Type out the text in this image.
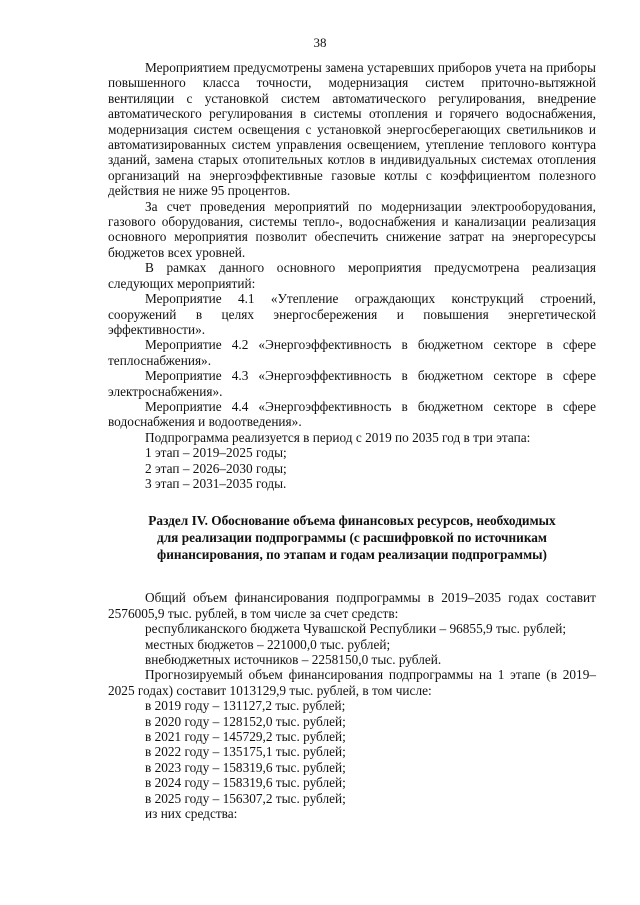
38

Мероприятием предусмотрены замена устаревших приборов учета на приборы повышенного класса точности, модернизация систем приточно-вытяжной вентиляции с установкой систем автоматического регулирования, внедрение автоматического регулирования в системы отопления и горячего водоснабжения, модернизация систем освещения с установкой энергосберегающих светильников и автоматизированных систем управления освещением, утепление теплового контура зданий, замена старых отопительных котлов в индивидуальных системах отопления организаций на энергоэффективные газовые котлы с коэффициентом полезного действия не ниже 95 процентов.

За счет проведения мероприятий по модернизации электрооборудования, газового оборудования, системы тепло-, водоснабжения и канализации реализация основного мероприятия позволит обеспечить снижение затрат на энергоресурсы бюджетов всех уровней.

В рамках данного основного мероприятия предусмотрена реализация следующих мероприятий:

Мероприятие 4.1 «Утепление ограждающих конструкций строений, сооружений в целях энергосбережения и повышения энергетической эффективности».

Мероприятие 4.2 «Энергоэффективность в бюджетном секторе в сфере теплоснабжения».

Мероприятие 4.3 «Энергоэффективность в бюджетном секторе в сфере электроснабжения».

Мероприятие 4.4 «Энергоэффективность в бюджетном секторе в сфере водоснабжения и водоотведения».

Подпрограмма реализуется в период с 2019 по 2035 год в три этапа:

1 этап – 2019–2025 годы;

2 этап – 2026–2030 годы;

3 этап – 2031–2035 годы.

Раздел IV. Обоснование объема финансовых ресурсов, необходимых
для реализации подпрограммы (с расшифровкой по источникам
финансирования, по этапам и годам реализации подпрограммы)

Общий объем финансирования подпрограммы в 2019–2035 годах составит 2576005,9 тыс. рублей, в том числе за счет средств:

республиканского бюджета Чувашской Республики – 96855,9 тыс. рублей;

местных бюджетов – 221000,0 тыс. рублей;

внебюджетных источников – 2258150,0 тыс. рублей.

Прогнозируемый объем финансирования подпрограммы на 1 этапе (в 2019–2025 годах) составит 1013129,9 тыс. рублей, в том числе:

в 2019 году – 131127,2 тыс. рублей;

в 2020 году – 128152,0 тыс. рублей;

в 2021 году – 145729,2 тыс. рублей;

в 2022 году – 135175,1 тыс. рублей;

в 2023 году – 158319,6 тыс. рублей;

в 2024 году – 158319,6 тыс. рублей;

в 2025 году – 156307,2 тыс. рублей;

из них средства:
